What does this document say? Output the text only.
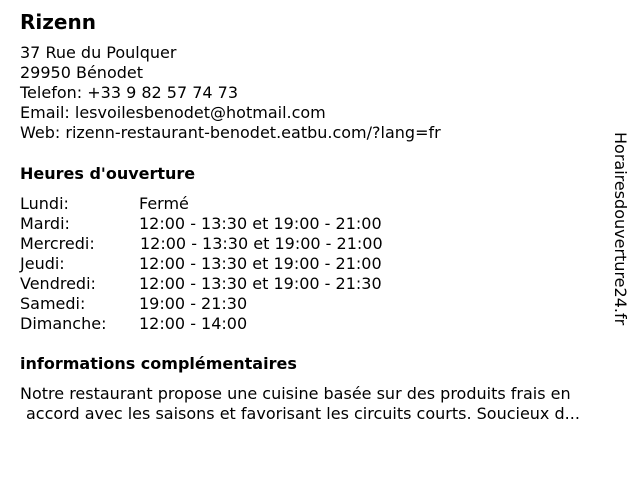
Rizenn
37 Rue du Poulquer
29950 Bénodet
Telefon: +33 9 82 57 74 73
Email: lesvoilesbenodet@hotmail.com
Web: rizenn-restaurant-benodet.eatbu.com/?lang=fr
Heures d'ouverture
Lundi:	Fermé
Mardi:	12:00 - 13:30 et 19:00 - 21:00
Mercredi:	12:00 - 13:30 et 19:00 - 21:00
Jeudi:	12:00 - 13:30 et 19:00 - 21:00
Vendredi:	12:00 - 13:30 et 19:00 - 21:30
Samedi:	19:00 - 21:30
Dimanche: 12:00 - 14:00
informations complémentaires
Notre restaurant propose une cuisine basée sur des produits frais en
accord avec les saisons et favorisant les circuits courts. Soucieux d...
Horairesdouverture24.fr
